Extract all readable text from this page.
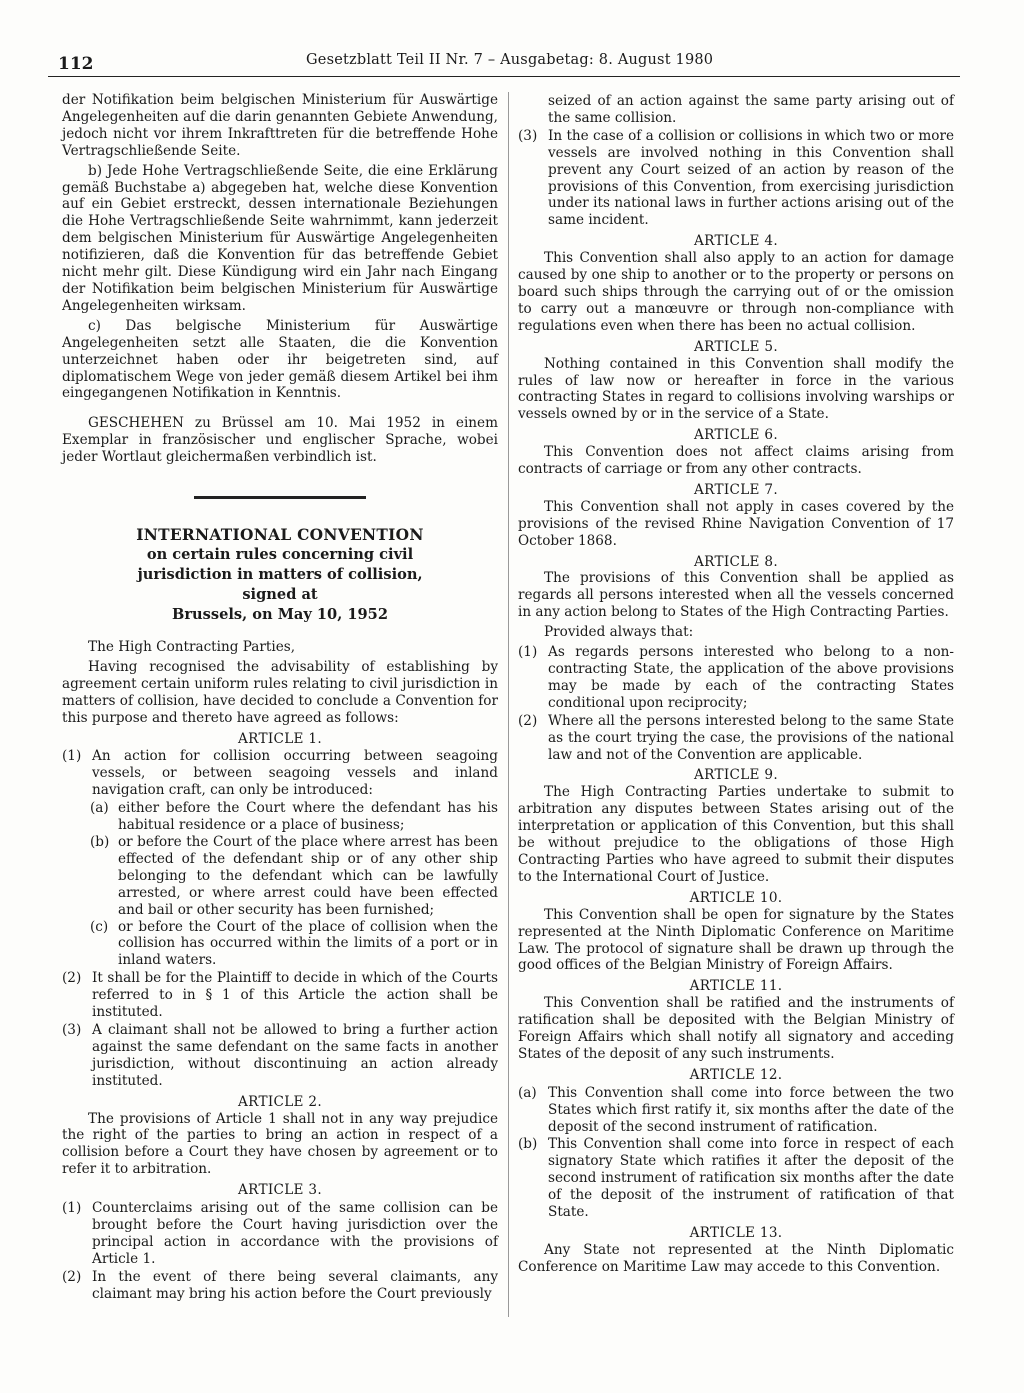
112	Gesetzblatt Teil II Nr. 7 – Ausgabetag: 8. August 1980

der Notifikation beim belgischen Ministerium für Auswärtige Angelegenheiten auf die darin genannten Gebiete Anwendung, jedoch nicht vor ihrem Inkrafttreten für die betreffende Hohe Vertragschließende Seite.

b) Jede Hohe Vertragschließende Seite, die eine Erklärung gemäß Buchstabe a) abgegeben hat, welche diese Konvention auf ein Gebiet erstreckt, dessen internationale Beziehungen die Hohe Vertragschließende Seite wahrnimmt, kann jederzeit dem belgischen Ministerium für Auswärtige Angelegenheiten notifizieren, daß die Konvention für das betreffende Gebiet nicht mehr gilt. Diese Kündigung wird ein Jahr nach Eingang der Notifikation beim belgischen Ministerium für Auswärtige Angelegenheiten wirksam.

c) Das belgische Ministerium für Auswärtige Angelegenheiten setzt alle Staaten, die die Konvention unterzeichnet haben oder ihr beigetreten sind, auf diplomatischem Wege von jeder gemäß diesem Artikel bei ihm eingegangenen Notifikation in Kenntnis.

GESCHEHEN zu Brüssel am 10. Mai 1952 in einem Exemplar in französischer und englischer Sprache, wobei jeder Wortlaut gleichermaßen verbindlich ist.

INTERNATIONAL CONVENTION
on certain rules concerning civil
jurisdiction in matters of collision,
signed at
Brussels, on May 10, 1952

The High Contracting Parties,

Having recognised the advisability of establishing by agreement certain uniform rules relating to civil jurisdiction in matters of collision, have decided to conclude a Convention for this purpose and thereto have agreed as follows:

ARTICLE 1.

(1) An action for collision occurring between seagoing vessels, or between seagoing vessels and inland navigation craft, can only be introduced:
(a) either before the Court where the defendant has his habitual residence or a place of business;
(b) or before the Court of the place where arrest has been effected of the defendant ship or of any other ship belonging to the defendant which can be lawfully arrested, or where arrest could have been effected and bail or other security has been furnished;
(c) or before the Court of the place of collision when the collision has occurred within the limits of a port or in inland waters.
(2) It shall be for the Plaintiff to decide in which of the Courts referred to in § 1 of this Article the action shall be instituted.
(3) A claimant shall not be allowed to bring a further action against the same defendant on the same facts in another jurisdiction, without discontinuing an action already instituted.

ARTICLE 2.

The provisions of Article 1 shall not in any way prejudice the right of the parties to bring an action in respect of a collision before a Court they have chosen by agreement or to refer it to arbitration.

ARTICLE 3.

(1) Counterclaims arising out of the same collision can be brought before the Court having jurisdiction over the principal action in accordance with the provisions of Article 1.
(2) In the event of there being several claimants, any claimant may bring his action before the Court previously
seized of an action against the same party arising out of the same collision.
(3) In the case of a collision or collisions in which two or more vessels are involved nothing in this Convention shall prevent any Court seized of an action by reason of the provisions of this Convention, from exercising jurisdiction under its national laws in further actions arising out of the same incident.

ARTICLE 4.

This Convention shall also apply to an action for damage caused by one ship to another or to the property or persons on board such ships through the carrying out of or the omission to carry out a manœuvre or through non-compliance with regulations even when there has been no actual collision.

ARTICLE 5.

Nothing contained in this Convention shall modify the rules of law now or hereafter in force in the various contracting States in regard to collisions involving warships or vessels owned by or in the service of a State.

ARTICLE 6.

This Convention does not affect claims arising from contracts of carriage or from any other contracts.

ARTICLE 7.

This Convention shall not apply in cases covered by the provisions of the revised Rhine Navigation Convention of 17 October 1868.

ARTICLE 8.

The provisions of this Convention shall be applied as regards all persons interested when all the vessels concerned in any action belong to States of the High Contracting Parties.

Provided always that:

(1) As regards persons interested who belong to a non-contracting State, the application of the above provisions may be made by each of the contracting States conditional upon reciprocity;
(2) Where all the persons interested belong to the same State as the court trying the case, the provisions of the national law and not of the Convention are applicable.

ARTICLE 9.

The High Contracting Parties undertake to submit to arbitration any disputes between States arising out of the interpretation or application of this Convention, but this shall be without prejudice to the obligations of those High Contracting Parties who have agreed to submit their disputes to the International Court of Justice.

ARTICLE 10.

This Convention shall be open for signature by the States represented at the Ninth Diplomatic Conference on Maritime Law. The protocol of signature shall be drawn up through the good offices of the Belgian Ministry of Foreign Affairs.

ARTICLE 11.

This Convention shall be ratified and the instruments of ratification shall be deposited with the Belgian Ministry of Foreign Affairs which shall notify all signatory and acceding States of the deposit of any such instruments.

ARTICLE 12.

(a) This Convention shall come into force between the two States which first ratify it, six months after the date of the deposit of the second instrument of ratification.
(b) This Convention shall come into force in respect of each signatory State which ratifies it after the deposit of the second instrument of ratification six months after the date of the deposit of the instrument of ratification of that State.

ARTICLE 13.

Any State not represented at the Ninth Diplomatic Conference on Maritime Law may accede to this Convention.
